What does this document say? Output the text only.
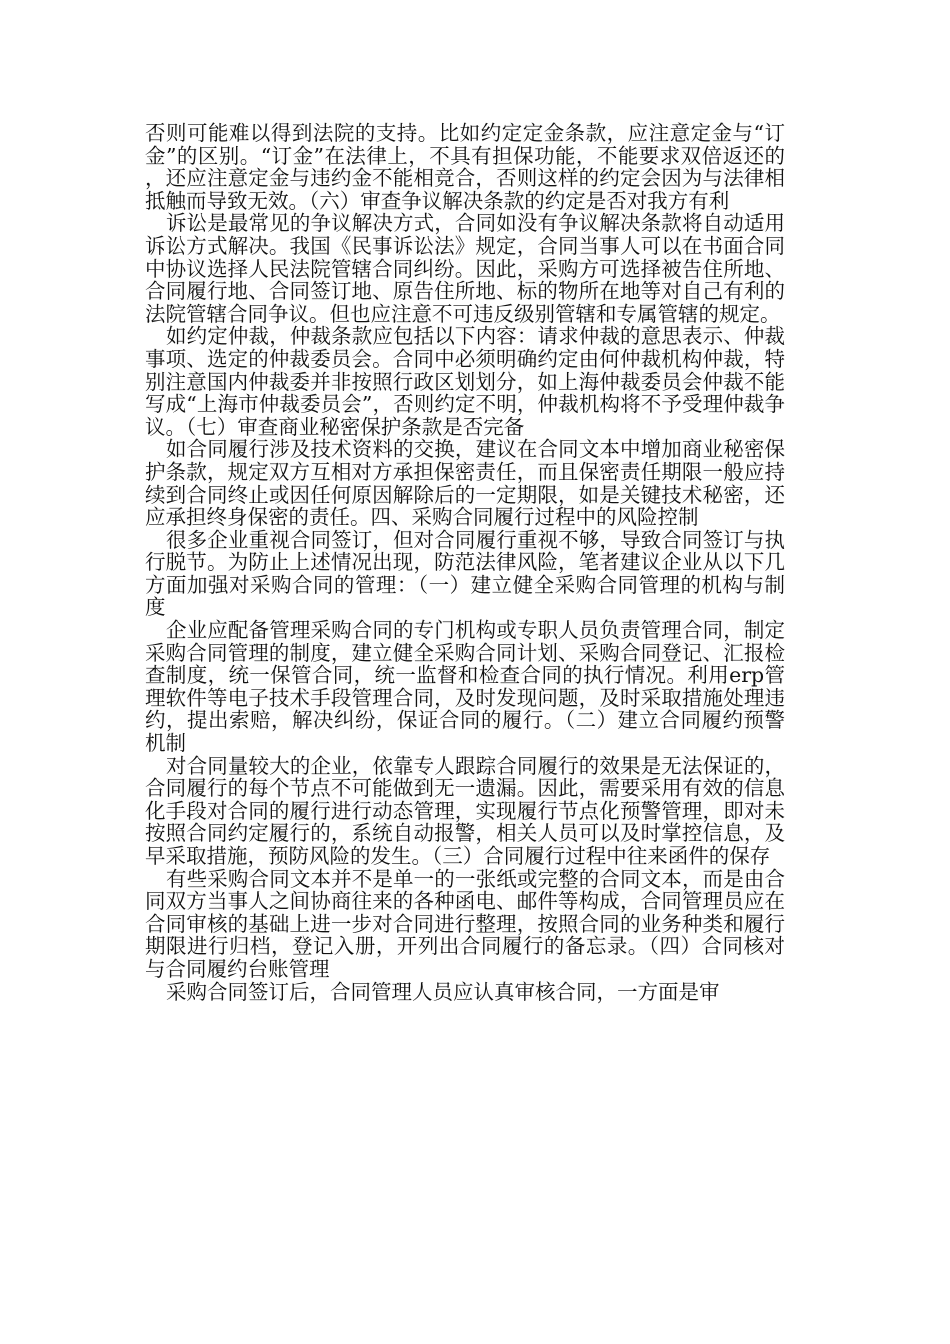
否则可能难以得到法院的支持。比如约定定金条款，应注意定金与“订金”的区别。“订金”在法律上，不具有担保功能，不能要求双倍返还的，还应注意定金与违约金不能相竞合，否则这样的约定会因为与法律相抵触而导致无效。（六）审查争议解决条款的约定是否对我方有利

诉讼是最常见的争议解决方式，合同如没有争议解决条款将自动适用诉讼方式解决。我国《民事诉讼法》规定，合同当事人可以在书面合同中协议选择人民法院管辖合同纠纷。因此，采购方可选择被告住所地、合同履行地、合同签订地、原告住所地、标的物所在地等对自己有利的法院管辖合同争议。但也应注意不可违反级别管辖和专属管辖的规定。

如约定仲裁，仲裁条款应包括以下内容：请求仲裁的意思表示、仲裁事项、选定的仲裁委员会。合同中必须明确约定由何仲裁机构仲裁，特别注意国内仲裁委并非按照行政区划划分，如上海仲裁委员会仲裁不能写成“上海市仲裁委员会”，否则约定不明，仲裁机构将不予受理仲裁争议。（七）审查商业秘密保护条款是否完备

如合同履行涉及技术资料的交换，建议在合同文本中增加商业秘密保护条款，规定双方互相对方承担保密责任，而且保密责任期限一般应持续到合同终止或因任何原因解除后的一定期限，如是关键技术秘密，还应承担终身保密的责任。四、采购合同履行过程中的风险控制

很多企业重视合同签订，但对合同履行重视不够，导致合同签订与执行脱节。为防止上述情况出现，防范法律风险，笔者建议企业从以下几方面加强对采购合同的管理：（一）建立健全采购合同管理的机构与制度

企业应配备管理采购合同的专门机构或专职人员负责管理合同，制定采购合同管理的制度，建立健全采购合同计划、采购合同登记、汇报检查制度，统一保管合同，统一监督和检查合同的执行情况。利用erp管理软件等电子技术手段管理合同，及时发现问题，及时采取措施处理违约，提出索赔，解决纠纷，保证合同的履行。（二）建立合同履约预警机制

对合同量较大的企业，依靠专人跟踪合同履行的效果是无法保证的，合同履行的每个节点不可能做到无一遗漏。因此，需要采用有效的信息化手段对合同的履行进行动态管理，实现履行节点化预警管理，即对未按照合同约定履行的，系统自动报警，相关人员可以及时掌控信息，及早采取措施，预防风险的发生。（三）合同履行过程中往来函件的保存

有些采购合同文本并不是单一的一张纸或完整的合同文本，而是由合同双方当事人之间协商往来的各种函电、邮件等构成，合同管理员应在合同审核的基础上进一步对合同进行整理，按照合同的业务种类和履行期限进行归档，登记入册，开列出合同履行的备忘录。（四）合同核对与合同履约台账管理

采购合同签订后，合同管理人员应认真审核合同，一方面是审
